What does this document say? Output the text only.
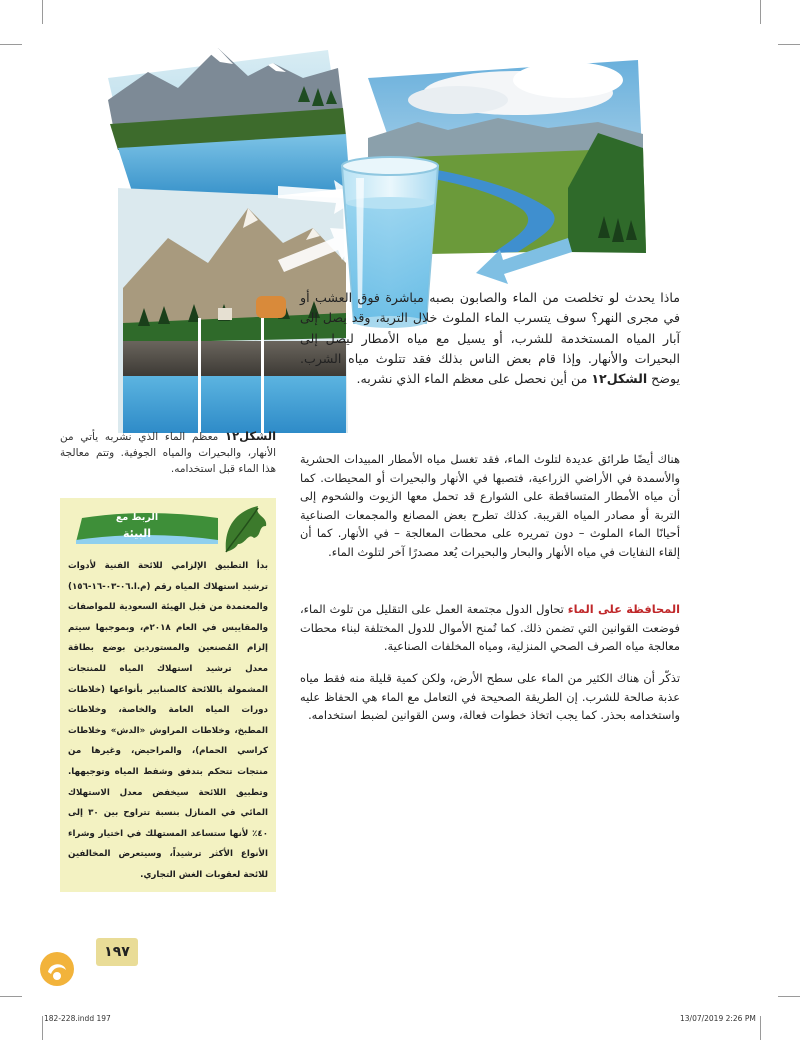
ماذا يحدث لو تخلصت من الماء والصابون بصبه مباشرة فوق العشب أو في مجرى النهر؟ سوف يتسرب الماء الملوث خلال التربة، وقد يصل إلى آبار المياه المستخدمة للشرب، أو يسيل مع مياه الأمطار ليصل إلى البحيرات والأنهار. وإذا قام بعض الناس بذلك فقد تتلوث مياه الشرب. يوضح الشكل١٢ من أين نحصل على معظم الماء الذي نشربه.

الشكل١٢ معظم الماء الذي نشربه يأتي من الأنهار، والبحيرات والمياه الجوفية. وتتم معالجة هذا الماء قبل استخدامه.

هناك أيضًا طرائق عديدة لتلوث الماء، فقد تغسل مياه الأمطار المبيدات الحشرية والأسمدة في الأراضي الزراعية، فتصبها في الأنهار والبحيرات أو المحيطات. كما أن مياه الأمطار المتساقطة على الشوارع قد تحمل معها الزيوت والشحوم إلى التربة أو مصادر المياه القريبة. كذلك تطرح بعض المصانع والمجمعات الصناعية أحيانًا الماء الملوث – دون تمريره على محطات المعالجة – في الأنهار. كما أن إلقاء النفايات في مياه الأنهار والبحار والبحيرات يُعد مصدرًا آخر لتلوث الماء.

المحافظة على الماء تحاول الدول مجتمعة العمل على التقليل من تلوث الماء، فوضعت القوانين التي تضمن ذلك. كما تُمنح الأموال للدول المختلفة لبناء محطات معالجة مياه الصرف الصحي المنزلية، ومياه المخلفات الصناعية.

تذكّر أن هناك الكثير من الماء على سطح الأرض، ولكن كمية قليلة منه فقط مياه عذبة صالحة للشرب. إن الطريقة الصحيحة في التعامل مع الماء هي الحفاظ عليه واستخدامه بحذر. كما يجب اتخاذ خطوات فعالة، وسن القوانين لضبط استخدامه.

الربط مع
البيئة

بدأ التطبيق الإلزامي للائحة الفنية لأدوات ترشيد استهلاك المياه رقم (م.ا.٠٦-٠٣-١٦-١٥٦) والمعتمدة من قبل الهيئة السعودية للمواصفات والمقاييس في العام ٢٠١٨م، وبموجبها سيتم إلزام المُصنعين والمستوردين بوضع بطاقة معدل ترشيد استهلاك المياه للمنتجات المشمولة باللائحة كالصنابير بأنواعها (خلاطات دورات المياه العامة والخاصة، وخلاطات المطبخ، وخلاطات المراوش «الدش» وخلاطات كراسي الحمام)، والمراحيض، وغيرها من منتجات تتحكم بتدفق وشفط المياه وتوجيهها. وتطبيق اللائحة سيخفض معدل الاستهلاك المائي في المنازل بنسبة تتراوح بين ٣٠ إلى ٤٠٪ لأنها ستساعد المستهلك في اختيار وشراء الأنواع الأكثر ترشيداً، وسيتعرض المخالفين للائحة لعقوبات الغش التجاري.

١٩٧
182-228.indd 197	13/07/2019 2:26 PM
